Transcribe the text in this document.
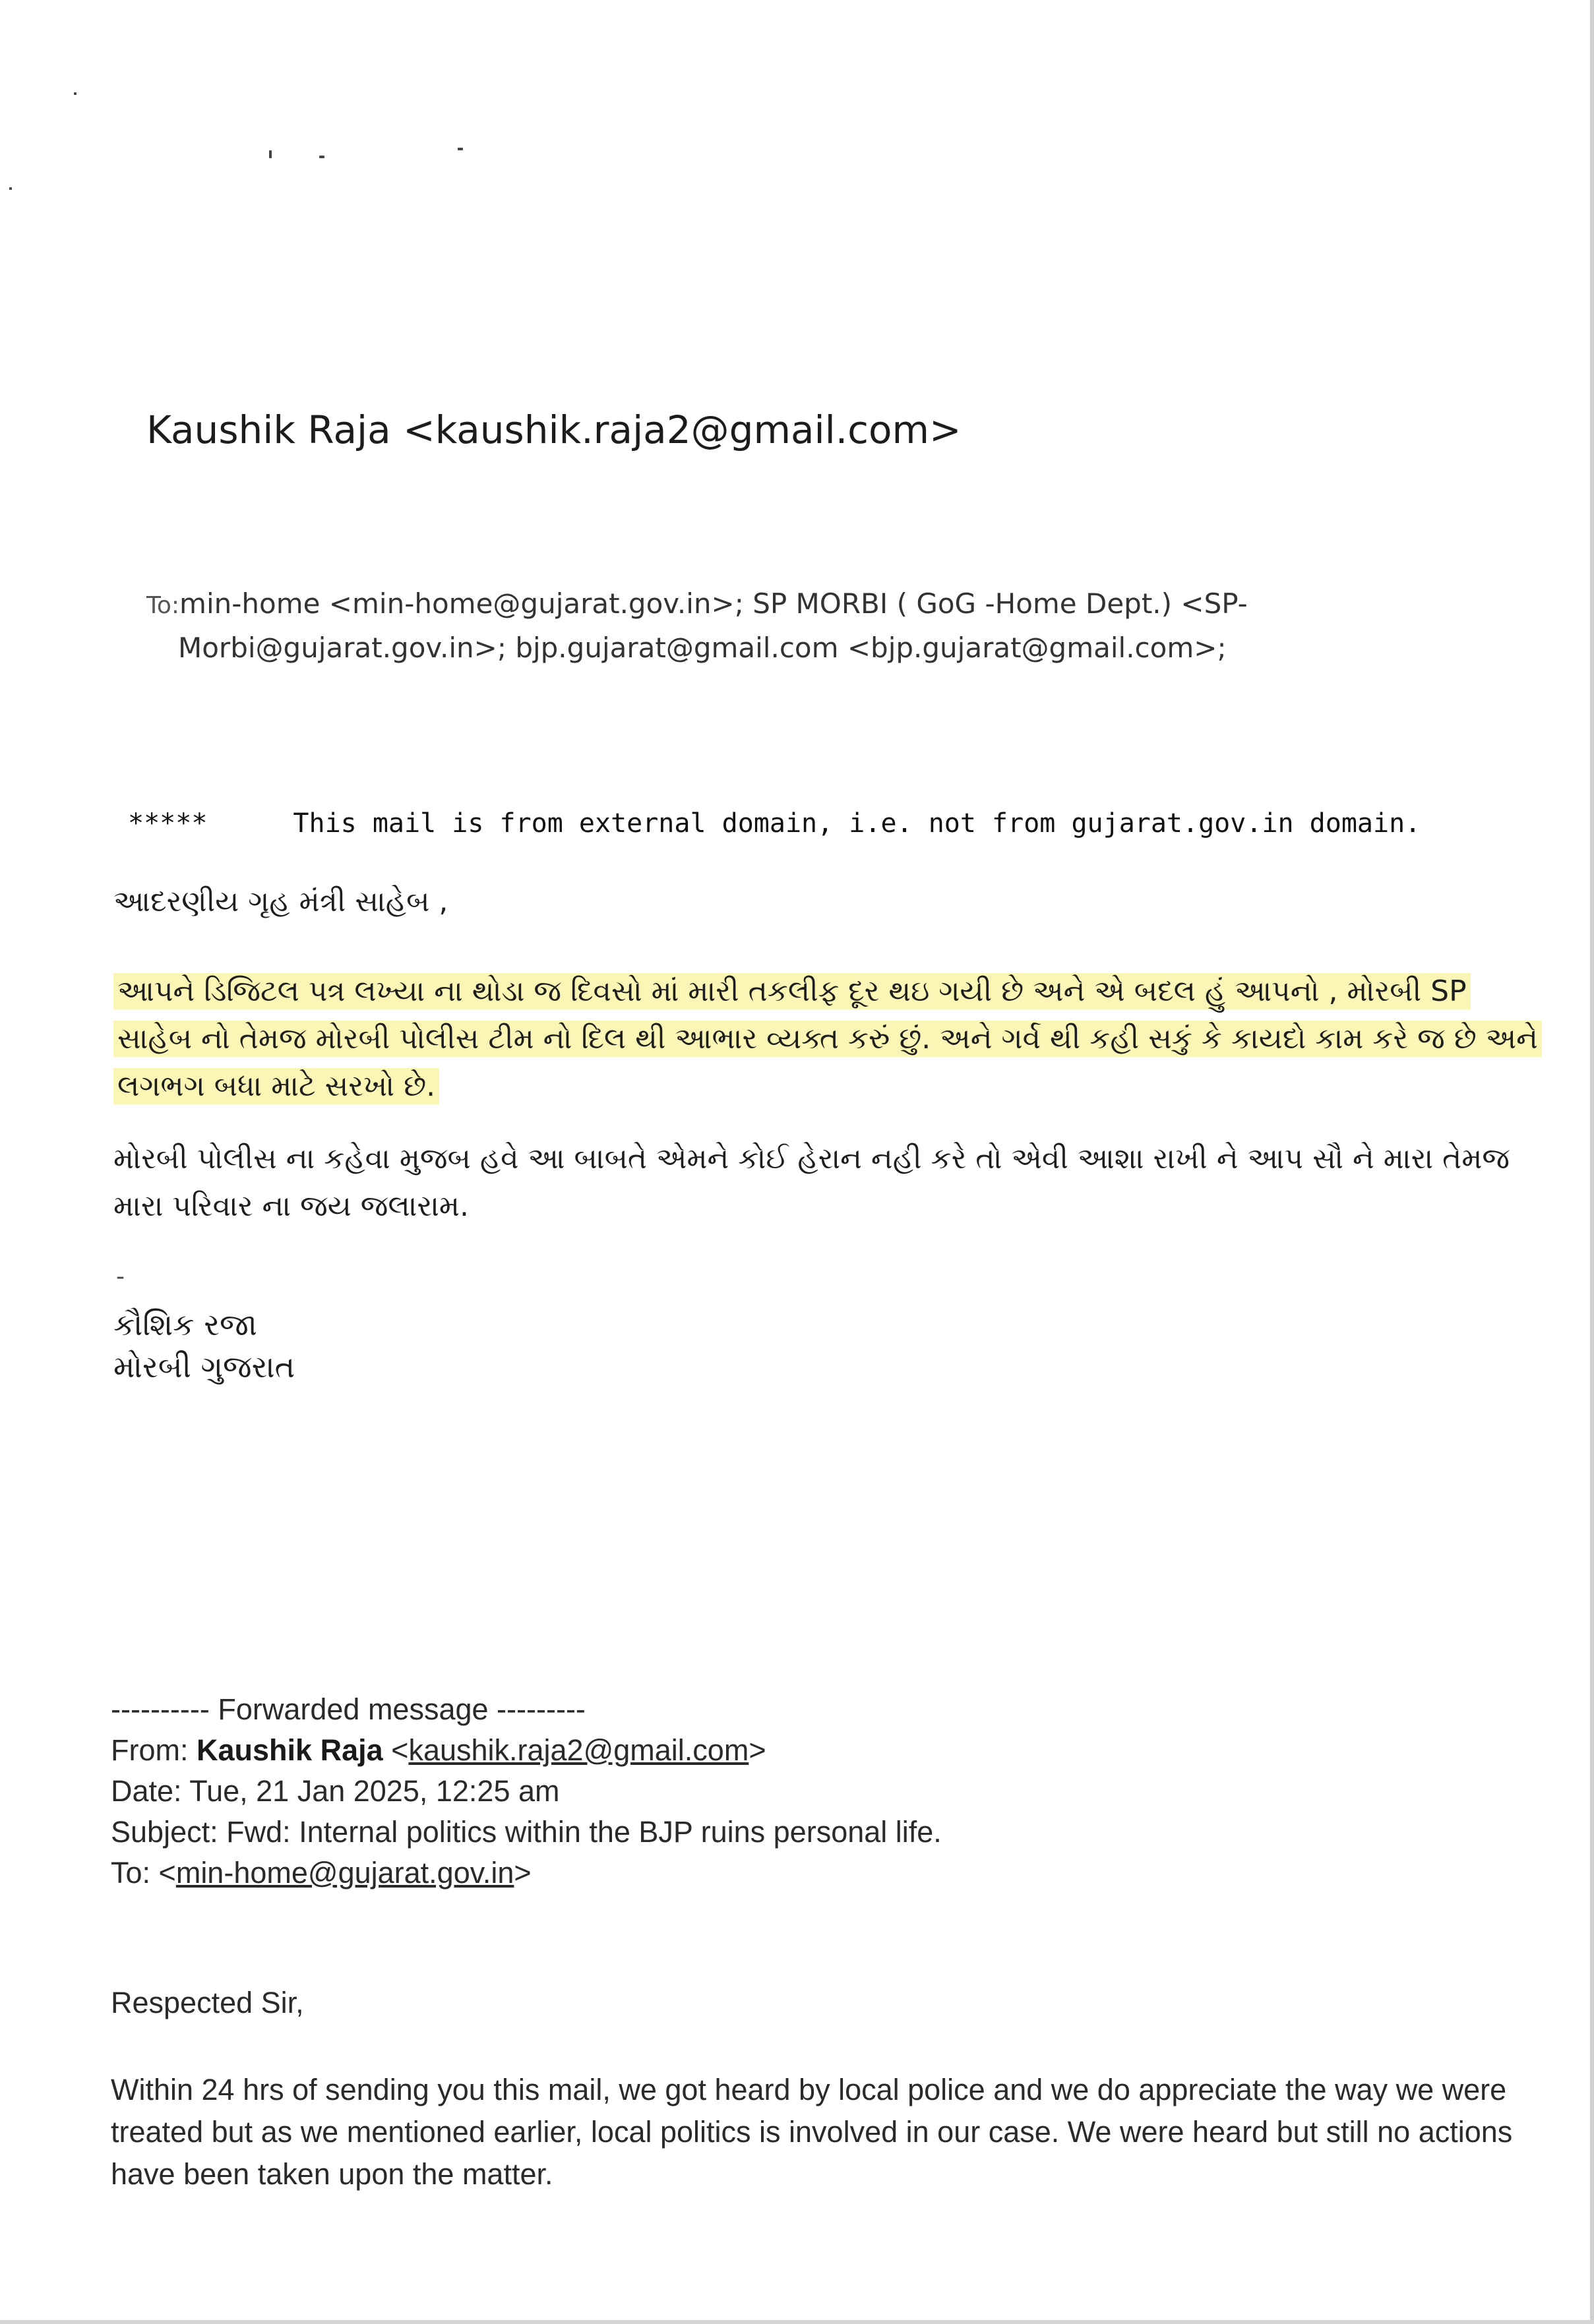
Kaushik Raja <kaushik.raja2@gmail.com>
To:min-home <min-home@gujarat.gov.in>; SP MORBI ( GoG -Home Dept.) <SP-Morbi@gujarat.gov.in>; bjp.gujarat@gmail.com <bjp.gujarat@gmail.com>;
*****	This mail is from external domain, i.e. not from gujarat.gov.in domain.
આદરણીય ગૃહ મંત્રી સાહેબ ,
આપને ડિજિટલ પત્ર લખ્યા ના થોડા જ દિવસો માં મારી તકલીફ દૂર થઇ ગયી છે અને એ બદલ હું આપનો , મોરબી SP સાહેબ નો તેમજ મોરબી પોલીસ ટીમ નો દિલ થી આભાર વ્યક્ત કરું છું. અને ગર્વ થી કહી સકું કે કાયદો કામ કરે જ છે અને લગભગ બધા માટે સરખો છે.
મોરબી પોલીસ ના કહેવા મુજબ હવે આ બાબતે એમને કોઈ હેરાન નહી કરે તો એવી આશા રાખી ને આપ સૌ ને મારા તેમજ મારા પરિવાર ના જય જલારામ.
-
કૌશિક રજા
મોરબી ગુજરાત
---------- Forwarded message ---------
From: Kaushik Raja <kaushik.raja2@gmail.com>
Date: Tue, 21 Jan 2025, 12:25 am
Subject: Fwd: Internal politics within the BJP ruins personal life.
To: <min-home@gujarat.gov.in>
Respected Sir,
Within 24 hrs of sending you this mail, we got heard by local police and we do appreciate the way we were treated but as we mentioned earlier, local politics is involved in our case. We were heard but still no actions have been taken upon the matter.
